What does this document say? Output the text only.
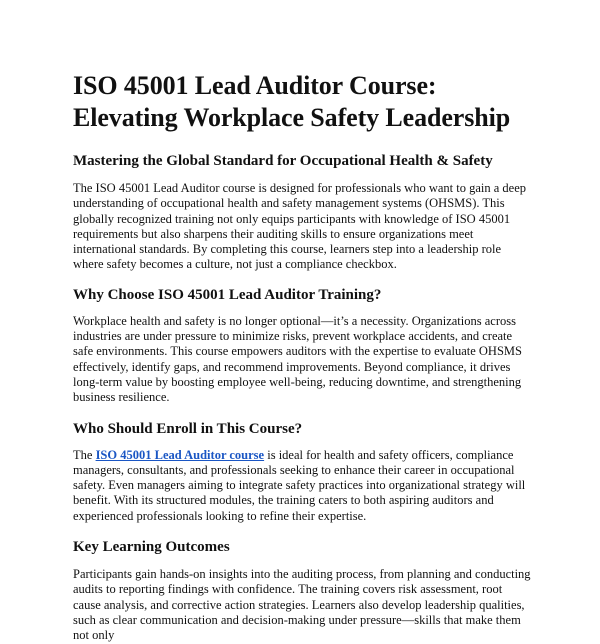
ISO 45001 Lead Auditor Course: Elevating Workplace Safety Leadership
Mastering the Global Standard for Occupational Health & Safety

The ISO 45001 Lead Auditor course is designed for professionals who want to gain a deep understanding of occupational health and safety management systems (OHSMS). This globally recognized training not only equips participants with knowledge of ISO 45001 requirements but also sharpens their auditing skills to ensure organizations meet international standards. By completing this course, learners step into a leadership role where safety becomes a culture, not just a compliance checkbox.

Why Choose ISO 45001 Lead Auditor Training?

Workplace health and safety is no longer optional—it’s a necessity. Organizations across industries are under pressure to minimize risks, prevent workplace accidents, and create safe environments. This course empowers auditors with the expertise to evaluate OHSMS effectively, identify gaps, and recommend improvements. Beyond compliance, it drives long-term value by boosting employee well-being, reducing downtime, and strengthening business resilience.

Who Should Enroll in This Course?

The ISO 45001 Lead Auditor course is ideal for health and safety officers, compliance managers, consultants, and professionals seeking to enhance their career in occupational safety. Even managers aiming to integrate safety practices into organizational strategy will benefit. With its structured modules, the training caters to both aspiring auditors and experienced professionals looking to refine their expertise.

Key Learning Outcomes

Participants gain hands-on insights into the auditing process, from planning and conducting audits to reporting findings with confidence. The training covers risk assessment, root cause analysis, and corrective action strategies. Learners also develop leadership qualities, such as clear communication and decision-making under pressure—skills that make them not only
